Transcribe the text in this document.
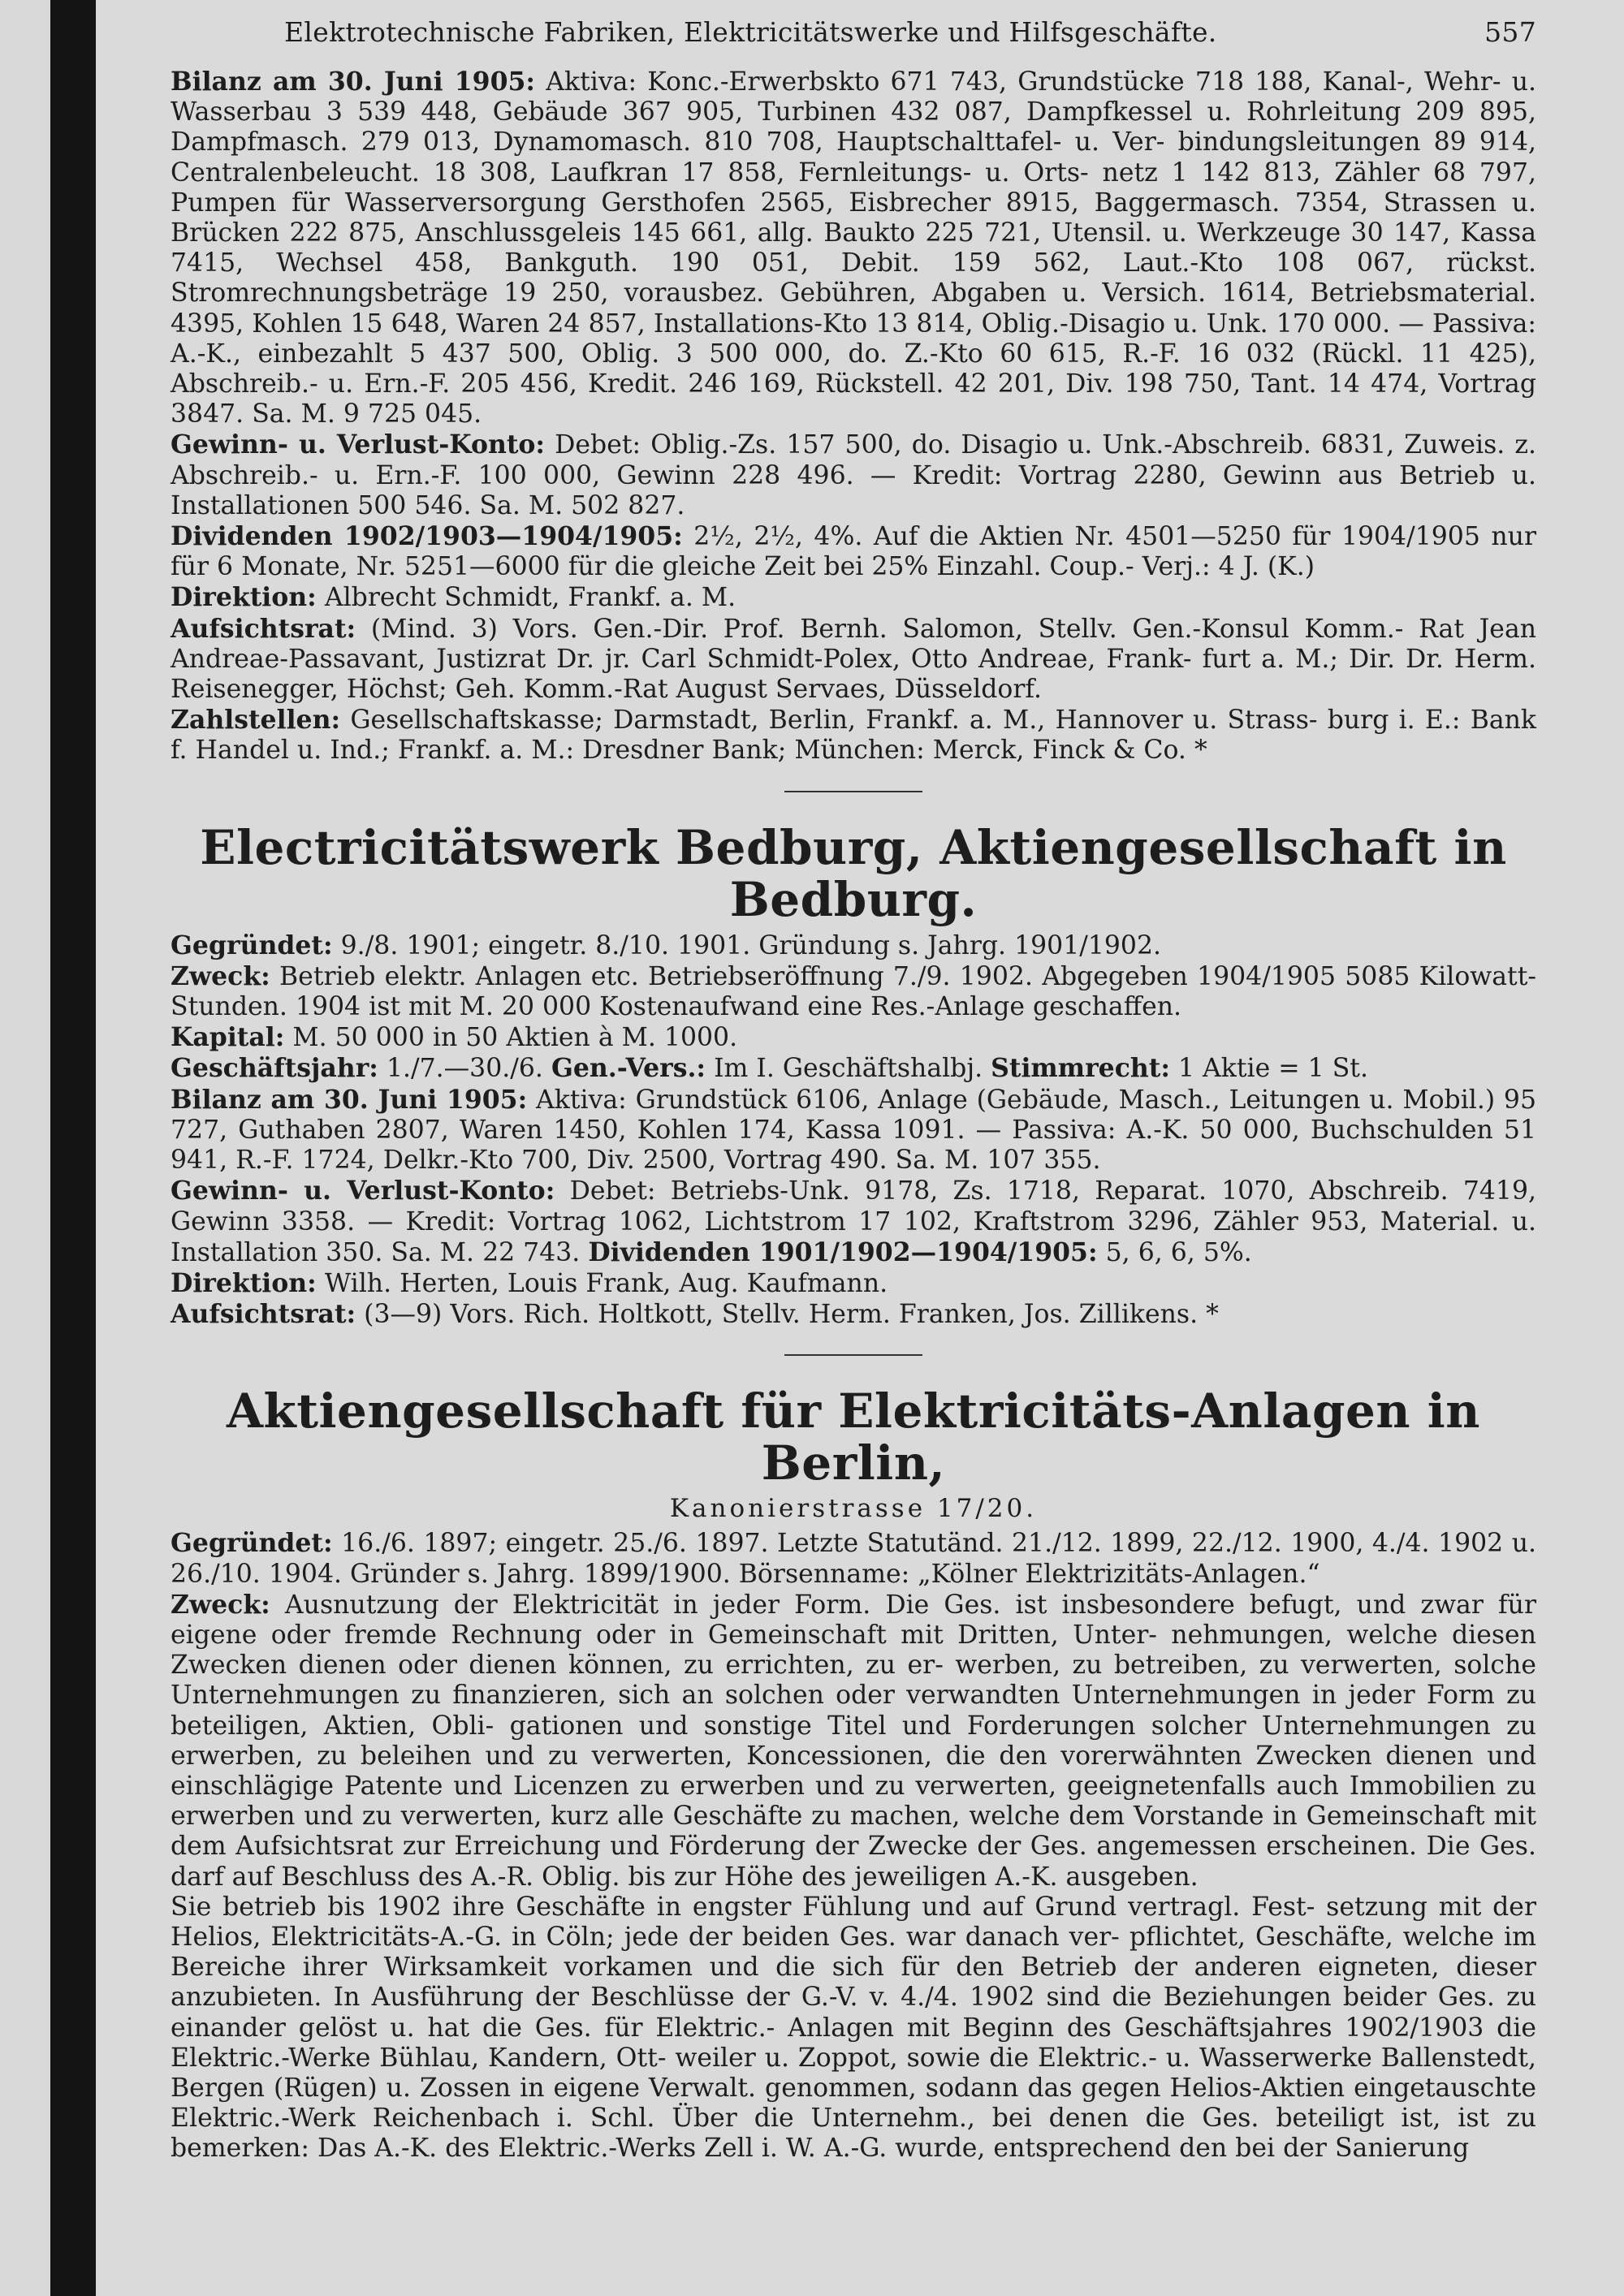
Elektrotechnische Fabriken, Elektricitätswerke und Hilfsgeschäfte.	557

Bilanz am 30. Juni 1905: Aktiva: Konc.-Erwerbskto 671 743, Grundstücke 718 188, Kanal-, Wehr- u. Wasserbau 3 539 448, Gebäude 367 905, Turbinen 432 087, Dampfkessel u. Rohrleitung 209 895, Dampfmasch. 279 013, Dynamomasch. 810 708, Hauptschalttafel- u. Ver- bindungsleitungen 89 914, Centralenbeleucht. 18 308, Laufkran 17 858, Fernleitungs- u. Orts- netz 1 142 813, Zähler 68 797, Pumpen für Wasserversorgung Gersthofen 2565, Eisbrecher 8915, Baggermasch. 7354, Strassen u. Brücken 222 875, Anschlussgeleis 145 661, allg. Baukto 225 721, Utensil. u. Werkzeuge 30 147, Kassa 7415, Wechsel 458, Bankguth. 190 051, Debit. 159 562, Laut.-Kto 108 067, rückst. Stromrechnungsbeträge 19 250, vorausbez. Gebühren, Abgaben u. Versich. 1614, Betriebsmaterial. 4395, Kohlen 15 648, Waren 24 857, Installations-Kto 13 814, Oblig.-Disagio u. Unk. 170 000. — Passiva: A.-K., einbezahlt 5 437 500, Oblig. 3 500 000, do. Z.-Kto 60 615, R.-F. 16 032 (Rückl. 11 425), Abschreib.- u. Ern.-F. 205 456, Kredit. 246 169, Rückstell. 42 201, Div. 198 750, Tant. 14 474, Vortrag 3847. Sa. M. 9 725 045.

Gewinn- u. Verlust-Konto: Debet: Oblig.-Zs. 157 500, do. Disagio u. Unk.-Abschreib. 6831, Zuweis. z. Abschreib.- u. Ern.-F. 100 000, Gewinn 228 496. — Kredit: Vortrag 2280, Gewinn aus Betrieb u. Installationen 500 546. Sa. M. 502 827.

Dividenden 1902/1903—1904/1905: 2½, 2½, 4%. Auf die Aktien Nr. 4501—5250 für 1904/1905 nur für 6 Monate, Nr. 5251—6000 für die gleiche Zeit bei 25% Einzahl. Coup.- Verj.: 4 J. (K.)

Direktion: Albrecht Schmidt, Frankf. a. M.

Aufsichtsrat: (Mind. 3) Vors. Gen.-Dir. Prof. Bernh. Salomon, Stellv. Gen.-Konsul Komm.- Rat Jean Andreae-Passavant, Justizrat Dr. jr. Carl Schmidt-Polex, Otto Andreae, Frank- furt a. M.; Dir. Dr. Herm. Reisenegger, Höchst; Geh. Komm.-Rat August Servaes, Düsseldorf.

Zahlstellen: Gesellschaftskasse; Darmstadt, Berlin, Frankf. a. M., Hannover u. Strass- burg i. E.: Bank f. Handel u. Ind.; Frankf. a. M.: Dresdner Bank; München: Merck, Finck & Co. *

Electricitätswerk Bedburg, Aktiengesellschaft in Bedburg.

Gegründet: 9./8. 1901; eingetr. 8./10. 1901. Gründung s. Jahrg. 1901/1902.

Zweck: Betrieb elektr. Anlagen etc. Betriebseröffnung 7./9. 1902. Abgegeben 1904/1905 5085 Kilowatt-Stunden. 1904 ist mit M. 20 000 Kostenaufwand eine Res.-Anlage geschaffen.

Kapital: M. 50 000 in 50 Aktien à M. 1000.

Geschäftsjahr: 1./7.—30./6. Gen.-Vers.: Im I. Geschäftshalbj. Stimmrecht: 1 Aktie = 1 St.

Bilanz am 30. Juni 1905: Aktiva: Grundstück 6106, Anlage (Gebäude, Masch., Leitungen u. Mobil.) 95 727, Guthaben 2807, Waren 1450, Kohlen 174, Kassa 1091. — Passiva: A.-K. 50 000, Buchschulden 51 941, R.-F. 1724, Delkr.-Kto 700, Div. 2500, Vortrag 490. Sa. M. 107 355.

Gewinn- u. Verlust-Konto: Debet: Betriebs-Unk. 9178, Zs. 1718, Reparat. 1070, Abschreib. 7419, Gewinn 3358. — Kredit: Vortrag 1062, Lichtstrom 17 102, Kraftstrom 3296, Zähler 953, Material. u. Installation 350. Sa. M. 22 743. Dividenden 1901/1902—1904/1905: 5, 6, 6, 5%.

Direktion: Wilh. Herten, Louis Frank, Aug. Kaufmann.

Aufsichtsrat: (3—9) Vors. Rich. Holtkott, Stellv. Herm. Franken, Jos. Zillikens. *

Aktiengesellschaft für Elektricitäts-Anlagen in Berlin,
Kanonierstrasse 17/20.

Gegründet: 16./6. 1897; eingetr. 25./6. 1897. Letzte Statutänd. 21./12. 1899, 22./12. 1900, 4./4. 1902 u. 26./10. 1904. Gründer s. Jahrg. 1899/1900. Börsenname: „Kölner Elektrizitäts-Anlagen.“

Zweck: Ausnutzung der Elektricität in jeder Form. Die Ges. ist insbesondere befugt, und zwar für eigene oder fremde Rechnung oder in Gemeinschaft mit Dritten, Unter- nehmungen, welche diesen Zwecken dienen oder dienen können, zu errichten, zu er- werben, zu betreiben, zu verwerten, solche Unternehmungen zu finanzieren, sich an solchen oder verwandten Unternehmungen in jeder Form zu beteiligen, Aktien, Obli- gationen und sonstige Titel und Forderungen solcher Unternehmungen zu erwerben, zu beleihen und zu verwerten, Koncessionen, die den vorerwähnten Zwecken dienen und einschlägige Patente und Licenzen zu erwerben und zu verwerten, geeignetenfalls auch Immobilien zu erwerben und zu verwerten, kurz alle Geschäfte zu machen, welche dem Vorstande in Gemeinschaft mit dem Aufsichtsrat zur Erreichung und Förderung der Zwecke der Ges. angemessen erscheinen. Die Ges. darf auf Beschluss des A.-R. Oblig. bis zur Höhe des jeweiligen A.-K. ausgeben.

Sie betrieb bis 1902 ihre Geschäfte in engster Fühlung und auf Grund vertragl. Fest- setzung mit der Helios, Elektricitäts-A.-G. in Cöln; jede der beiden Ges. war danach ver- pflichtet, Geschäfte, welche im Bereiche ihrer Wirksamkeit vorkamen und die sich für den Betrieb der anderen eigneten, dieser anzubieten. In Ausführung der Beschlüsse der G.-V. v. 4./4. 1902 sind die Beziehungen beider Ges. zu einander gelöst u. hat die Ges. für Elektric.- Anlagen mit Beginn des Geschäftsjahres 1902/1903 die Elektric.-Werke Bühlau, Kandern, Ott- weiler u. Zoppot, sowie die Elektric.- u. Wasserwerke Ballenstedt, Bergen (Rügen) u. Zossen in eigene Verwalt. genommen, sodann das gegen Helios-Aktien eingetauschte Elektric.-Werk Reichenbach i. Schl. Über die Unternehm., bei denen die Ges. beteiligt ist, ist zu bemerken: Das A.-K. des Elektric.-Werks Zell i. W. A.-G. wurde, entsprechend den bei der Sanierung
